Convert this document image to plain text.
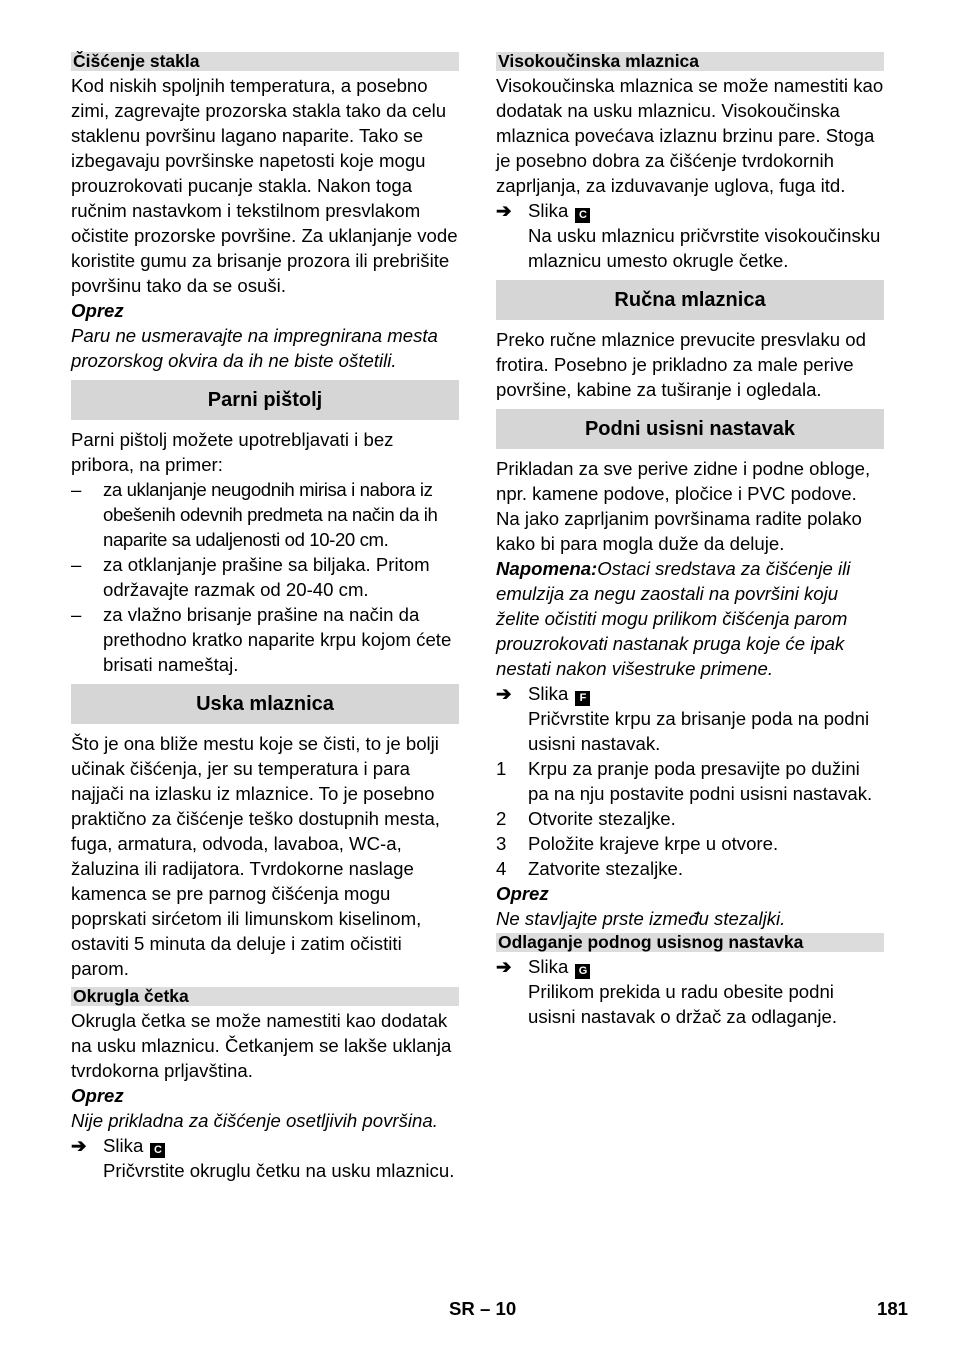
Čišćenje stakla

Kod niskih spoljnih temperatura, a posebno zimi, zagrevajte prozorska stakla tako da celu staklenu površinu lagano naparite. Tako se izbegavaju površinske napetosti koje mogu prouzrokovati pucanje stakla. Nakon toga ručnim nastavkom i tekstilnom presvlakom očistite prozorske površine. Za uklanjanje vode koristite gumu za brisanje prozora ili prebrišite površinu tako da se osuši.

Oprez

Paru ne usmeravajte na impregnirana mesta prozorskog okvira da ih ne biste oštetili.

Parni pištolj

Parni pištolj možete upotrebljavati i bez pribora, na primer:

–	za uklanjanje neugodnih mirisa i nabora iz obešenih odevnih predmeta na način da ih naparite sa udaljenosti od 10-20 cm.
–	za otklanjanje prašine sa biljaka. Pritom održavajte razmak od 20-40 cm.
–	za vlažno brisanje prašine na način da prethodno kratko naparite krpu kojom ćete brisati nameštaj.
Uska mlaznica

Što je ona bliže mestu koje se čisti, to je bolji učinak čišćenja, jer su temperatura i para najjači na izlasku iz mlaznice. To je posebno praktično za čišćenje teško dostupnih mesta, fuga, armatura, odvoda, lavaboa, WC-a, žaluzina ili radijatora. Tvrdokorne naslage kamenca se pre parnog čišćenja mogu poprskati sirćetom ili limunskom kiselinom, ostaviti 5 minuta da deluje i zatim očistiti parom.

Okrugla četka

Okrugla četka se može namestiti kao dodatak na usku mlaznicu. Četkanjem se lakše uklanja tvrdokorna prljavština.

Oprez

Nije prikladna za čišćenje osetljivih površina.

➔ Slika C

Pričvrstite okruglu četku na usku mlaznicu.

Visokoučinska mlaznica

Visokoučinska mlaznica se može namestiti kao dodatak na usku mlaznicu. Visokoučinska mlaznica povećava izlaznu brzinu pare. Stoga je posebno dobra za čišćenje tvrdokornih zaprljanja, za izduvavanje uglova, fuga itd.

➔ Slika C

Na usku mlaznicu pričvrstite visokoučinsku mlaznicu umesto okrugle četke.

Ručna mlaznica

Preko ručne mlaznice prevucite presvlaku od frotira. Posebno je prikladno za male perive površine, kabine za tuširanje i ogledala.

Podni usisni nastavak

Prikladan za sve perive zidne i podne obloge, npr. kamene podove, pločice i PVC podove. Na jako zaprljanim površinama radite polako kako bi para mogla duže da deluje.

Napomena:Ostaci sredstava za čišćenje ili emulzija za negu zaostali na površini koju želite očistiti mogu prilikom čišćenja parom prouzrokovati nastanak pruga koje će ipak nestati nakon višestruke primene.

➔ Slika F

Pričvrstite krpu za brisanje poda na podni usisni nastavak.

1	Krpu za pranje poda presavijte po dužini pa na nju postavite podni usisni nastavak.
2	Otvorite stezaljke.
3	Položite krajeve krpe u otvore.
4	Zatvorite stezaljke.

Oprez

Ne stavljajte prste između stezaljki.

Odlaganje podnog usisnog nastavka
➔ Slika G

Prilikom prekida u radu obesite podni usisni nastavak o držač za odlaganje.

SR – 10	181
